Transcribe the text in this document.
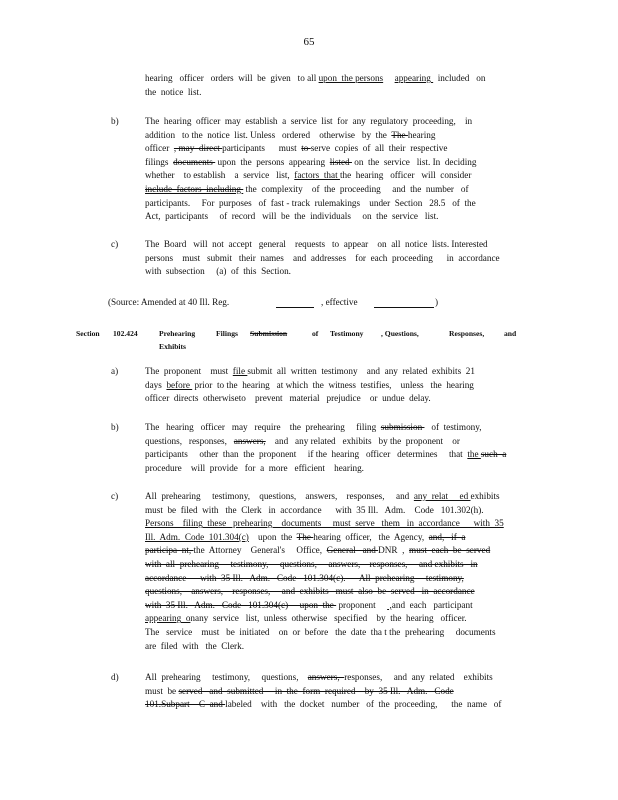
65
hearing   officer   orders  will  be  given   to all upon  the persons appearing   included   on
the  notice  list.
b)	The  hearing  officer  may  establish  a  service  list  for  any  regulatory  proceeding,    in
addition   to the  notice  list. Unless   ordered    otherwise   by  the  The hearing
officer  , may  direct participants      must  to serve  copies  of  all  their  respective
filings  documents  upon  the  persons  appearing  listed  on  the  service   list. In  deciding
whether    to establish    a  service   list,  factors  that the  hearing   officer   will  consider
include  factors  including  the  complexity    of  the  proceeding     and  the  number   of
participants.     For  purposes   of  fast - track  rulemakings    under  Section   28.5   of  the
Act,  participants     of  record   will  be  the  individuals     on  the  service   list.
c)	The  Board   will  not  accept   general    requests   to  appear    on  all  notice  lists. Interested
persons    must   submit   their  names    and  addresses    for  each  proceeding      in  accordance
with  subsection     (a)  of  this  Section.
(Source: Amended at 40 Ill. Reg.	, effective	)
Section 102.424	Prehearing	Filings Submission	of Testimony , Questions,	Responses,	and
Exhibits
a)	The  proponent    must  file submit  all  written  testimony    and  any  related  exhibits  21
days  before  prior  to the  hearing   at which  the  witness  testifies,    unless   the  hearing
officer  directs  otherwiseto    prevent   material   prejudice    or  undue  delay.
b)	The   hearing   officer   may   require    the  prehearing     filing  submission    of  testimony,
questions,   responses,   answers,    and   any related   exhibits   by the  proponent    or
participants     other  than  the  proponent     if the  hearing   officer   determines     that  the such  a
procedure    will  provide   for  a  more   efficient    hearing.
c)	All  prehearing     testimony,    questions,    answers,    responses,     and  any  relat     ed exhibits
must  be  filed  with   the  Clerk   in  accordance      with  35 Ill.   Adm.    Code   101.302(h).
Persons    filing  these   prehearing    documents     must  serve   them   in  accordance      with  35
Ill.  Adm.  Code  101.304(c)    upon  the  The hearing  officer,   the  Agency,  and,   if  a
participa  nt, the  Attorney    General's     Office,  General   and DNR  ,  must  each  be  served
with  all  prehearing     testimony,     questions,     answers,    responses,     and exhibits   in
accordance      with  35 Ill.   Adm.   Code   101.304(c).      All  prehearing     testimony,
questions,    answers,    responses,     and  exhibits   must  also  be  served   in  accordance
with  35 Ill.   Adm.   Code   101.304(c)     upon  the  proponent      ,and  each   participant
appearing  onany  service   list,  unless  otherwise   specified    by  the  hearing   officer.
The   service    must   be  initiated    on  or  before   the  date  tha t the  prehearing     documents
are  filed  with   the  Clerk.
d)	All  prehearing     testimony,     questions,    answers,  responses,     and  any  related    exhibits
must  be served   and  submitted     in  the  form  required    by  35 Ill.   Adm.   Code
101.Subpart    C  and labeled    with   the  docket   number   of  the  proceeding,      the  name   of
